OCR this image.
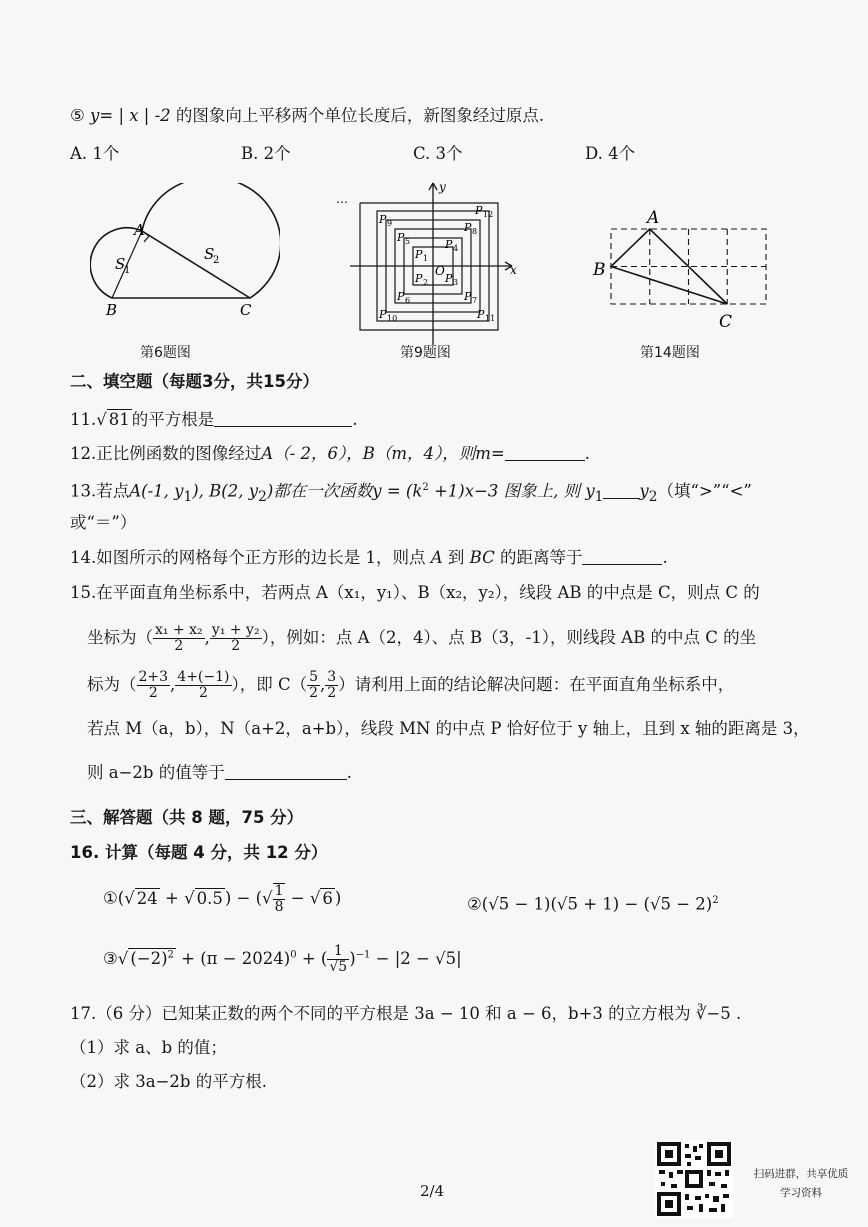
⑤ y= | x | -2 的图象向上平移两个单位长度后，新图象经过原点.
A. 1个	B. 2个	C. 3个	D. 4个
A
B	C
S
1
S
2
第6题图
…
y
x
O
P 1
P 2 P 3
P 4
P 5
P 6	P 7
P 8
P 9
P 10	P 11
P 12
第9题图
A
B
C
第14题图
二、填空题（每题3分，共15分）
11.√ 81 的平方根是	.
12.正比例函数的图像经过A（- 2，6），B（m，4），则m=	.
13.若点A(-1, $y_1$), B(2, $y_2$)都在一次函数$y = (k^2 +1)x-3$ 图象上, 则 $y_1$ $y_2$（填“>”“<”
或“＝”）
14.如图所示的网格每个正方形的边长是 1，则点 A 到 BC 的距离等于	.
15.在平面直角坐标系中，若两点 A（x₁，y₁）、B（x₂，y₂），线段 AB 的中点是 C，则点 C 的
坐标为（ $\frac{\text{x₁ + x₂}}{2}$ , $\frac{\text{y₁ + y₂}}{2}$ ），例如：点 A（2，4）、点 B（3，-1），则线段 AB 的中点 C 的坐
标为（ $\frac{2+3}{2}$ , $\frac{4+(-1)}{2}$ ），即 $C( \frac{5}{2}$ , $\frac{3}{2}$ ）请利用上面的结论解决问题：在平面直角坐标系中，
若点 M（a，b），N（a+2，a+b），线段 MN 的中点 P 恰好位于 y 轴上，且到 x 轴的距离是 3，
则 a−2b 的值等于	.
三、解答题（共 8 题，75 分）
16. 计算（每题 4 分，共 12 分）
①(√ 24 + √ 0.5 ) − (√ $\frac{1}{8}$ − √ 6 )	②(√5 − $1)(√5 + 1) - (√5 - 2)^2$
③√ $(-2)^2 + (\pi - 2024)^0$ + ( $\frac{1}{√5} )^{-1} - |2 - √5|$
17.（6 分）已知某正数的两个不同的平方根是 3a − 10 和 a − 6，b+3 的立方根为 ∛−5 .
（1）求 a、b 的值；
（2）求 3a−2b 的平方根.
2/4
扫码进群，共享优质
学习资料
